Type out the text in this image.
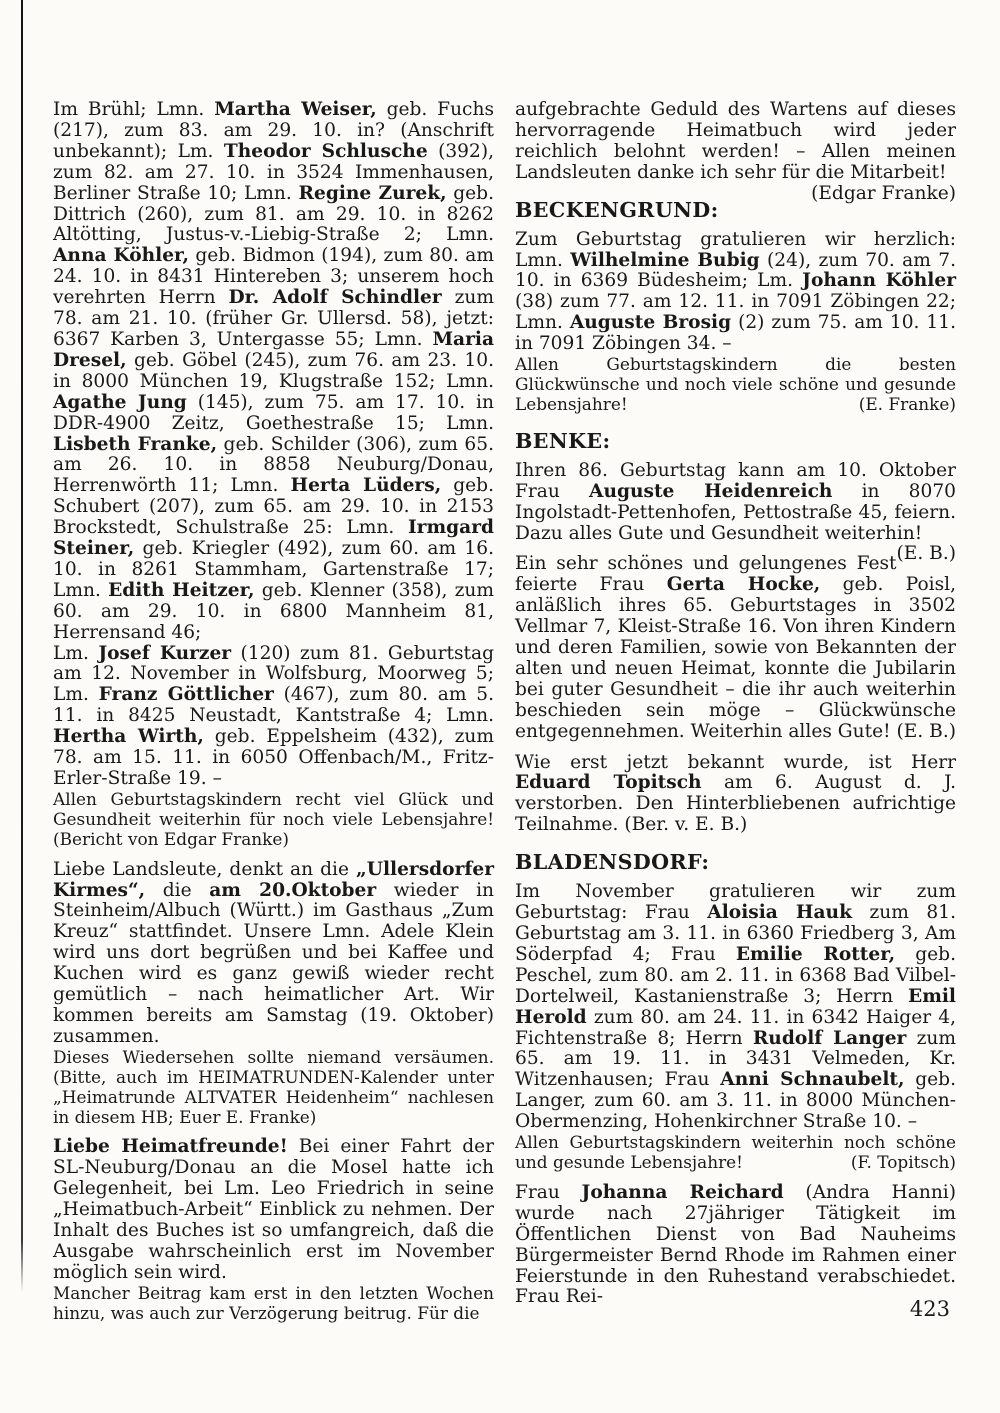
Im Brühl; Lmn. Martha Weiser, geb. Fuchs (217), zum 83. am 29. 10. in? (Anschrift unbekannt); Lm. Theodor Schlusche (392), zum 82. am 27. 10. in 3524 Immenhausen, Berliner Straße 10; Lmn. Regine Zurek, geb. Dittrich (260), zum 81. am 29. 10. in 8262 Altötting, Justus-v.-Liebig-Straße 2; Lmn. Anna Köhler, geb. Bidmon (194), zum 80. am 24. 10. in 8431 Hintereben 3; unserem hoch verehrten Herrn Dr. Adolf Schindler zum 78. am 21. 10. (früher Gr. Ullersd. 58), jetzt: 6367 Karben 3, Untergasse 55; Lmn. Maria Dresel, geb. Göbel (245), zum 76. am 23. 10. in 8000 München 19, Klugstraße 152; Lmn. Agathe Jung (145), zum 75. am 17. 10. in DDR-4900 Zeitz, Goethestraße 15; Lmn. Lisbeth Franke, geb. Schilder (306), zum 65. am 26. 10. in 8858 Neuburg/Donau, Herrenwörth 11; Lmn. Herta Lüders, geb. Schubert (207), zum 65. am 29. 10. in 2153 Brockstedt, Schulstraße 25: Lmn. Irmgard Steiner, geb. Kriegler (492), zum 60. am 16. 10. in 8261 Stammham, Gartenstraße 17; Lmn. Edith Heitzer, geb. Klenner (358), zum 60. am 29. 10. in 6800 Mannheim 81, Herrensand 46;

Lm. Josef Kurzer (120) zum 81. Geburtstag am 12. November in Wolfsburg, Moorweg 5; Lm. Franz Göttlicher (467), zum 80. am 5. 11. in 8425 Neustadt, Kantstraße 4; Lmn. Hertha Wirth, geb. Eppelsheim (432), zum 78. am 15. 11. in 6050 Offenbach/M., Fritz-Erler-Straße 19. –

Allen Geburtstagskindern recht viel Glück und Gesundheit weiterhin für noch viele Lebensjahre! (Bericht von Edgar Franke)

Liebe Landsleute, denkt an die „Ullersdorfer Kirmes“, die am 20.Oktober wieder in Steinheim/Albuch (Württ.) im Gasthaus „Zum Kreuz“ stattfindet. Unsere Lmn. Adele Klein wird uns dort begrüßen und bei Kaffee und Kuchen wird es ganz gewiß wieder recht gemütlich – nach heimatlicher Art. Wir kommen bereits am Samstag (19. Oktober) zusammen.

Dieses Wiedersehen sollte niemand versäumen. (Bitte, auch im HEIMATRUNDEN-Kalender unter „Heimatrunde ALTVATER Heidenheim“ nachlesen in diesem HB; Euer E. Franke)

Liebe Heimatfreunde! Bei einer Fahrt der SL-Neuburg/Donau an die Mosel hatte ich Gelegenheit, bei Lm. Leo Friedrich in seine „Heimatbuch-Arbeit“ Einblick zu nehmen. Der Inhalt des Buches ist so umfangreich, daß die Ausgabe wahrscheinlich erst im November möglich sein wird.

Mancher Beitrag kam erst in den letzten Wochen hinzu, was auch zur Verzögerung beitrug. Für die

aufgebrachte Geduld des Wartens auf dieses hervorragende Heimatbuch wird jeder reichlich belohnt werden! – Allen meinen Landsleuten danke ich sehr für die Mitarbeit!
(Edgar Franke)

BECKENGRUND:

Zum Geburtstag gratulieren wir herzlich: Lmn. Wilhelmine Bubig (24), zum 70. am 7. 10. in 6369 Büdesheim; Lm. Johann Köhler (38) zum 77. am 12. 11. in 7091 Zöbingen 22; Lmn. Auguste Brosig (2) zum 75. am 10. 11. in 7091 Zöbingen 34. –

Allen Geburtstagskindern die besten Glückwünsche und noch viele schöne und gesunde Lebensjahre!	(E. Franke)

BENKE:

Ihren 86. Geburtstag kann am 10. Oktober Frau Auguste Heidenreich in 8070 Ingolstadt-Pettenhofen, Pettostraße 45, feiern. Dazu alles Gute und Gesundheit weiterhin!
(E. B.)

Ein sehr schönes und gelungenes Fest feierte Frau Gerta Hocke, geb. Poisl, anläßlich ihres 65. Geburtstages in 3502 Vellmar 7, Kleist-Straße 16. Von ihren Kindern und deren Familien, sowie von Bekannten der alten und neuen Heimat, konnte die Jubilarin bei guter Gesundheit – die ihr auch weiterhin beschieden sein möge – Glückwünsche entgegennehmen. Weiterhin alles Gute! (E. B.)

Wie erst jetzt bekannt wurde, ist Herr Eduard Topitsch am 6. August d. J. verstorben. Den Hinterbliebenen aufrichtige Teilnahme. (Ber. v. E. B.)

BLADENSDORF:

Im November gratulieren wir zum Geburtstag: Frau Aloisia Hauk zum 81. Geburtstag am 3. 11. in 6360 Friedberg 3, Am Söderpfad 4; Frau Emilie Rotter, geb. Peschel, zum 80. am 2. 11. in 6368 Bad Vilbel-Dortelweil, Kastanienstraße 3; Herrn Emil Herold zum 80. am 24. 11. in 6342 Haiger 4, Fichtenstraße 8; Herrn Rudolf Langer zum 65. am 19. 11. in 3431 Velmeden, Kr. Witzenhausen; Frau Anni Schnaubelt, geb. Langer, zum 60. am 3. 11. in 8000 München-Obermenzing, Hohenkirchner Straße 10. –

Allen Geburtstagskindern weiterhin noch schöne und gesunde Lebensjahre!	(F. Topitsch)

Frau Johanna Reichard (Andra Hanni) wurde nach 27jähriger Tätigkeit im Öffentlichen Dienst von Bad Nauheims Bürgermeister Bernd Rhode im Rahmen einer Feierstunde in den Ruhestand verabschiedet. Frau Rei-

423
